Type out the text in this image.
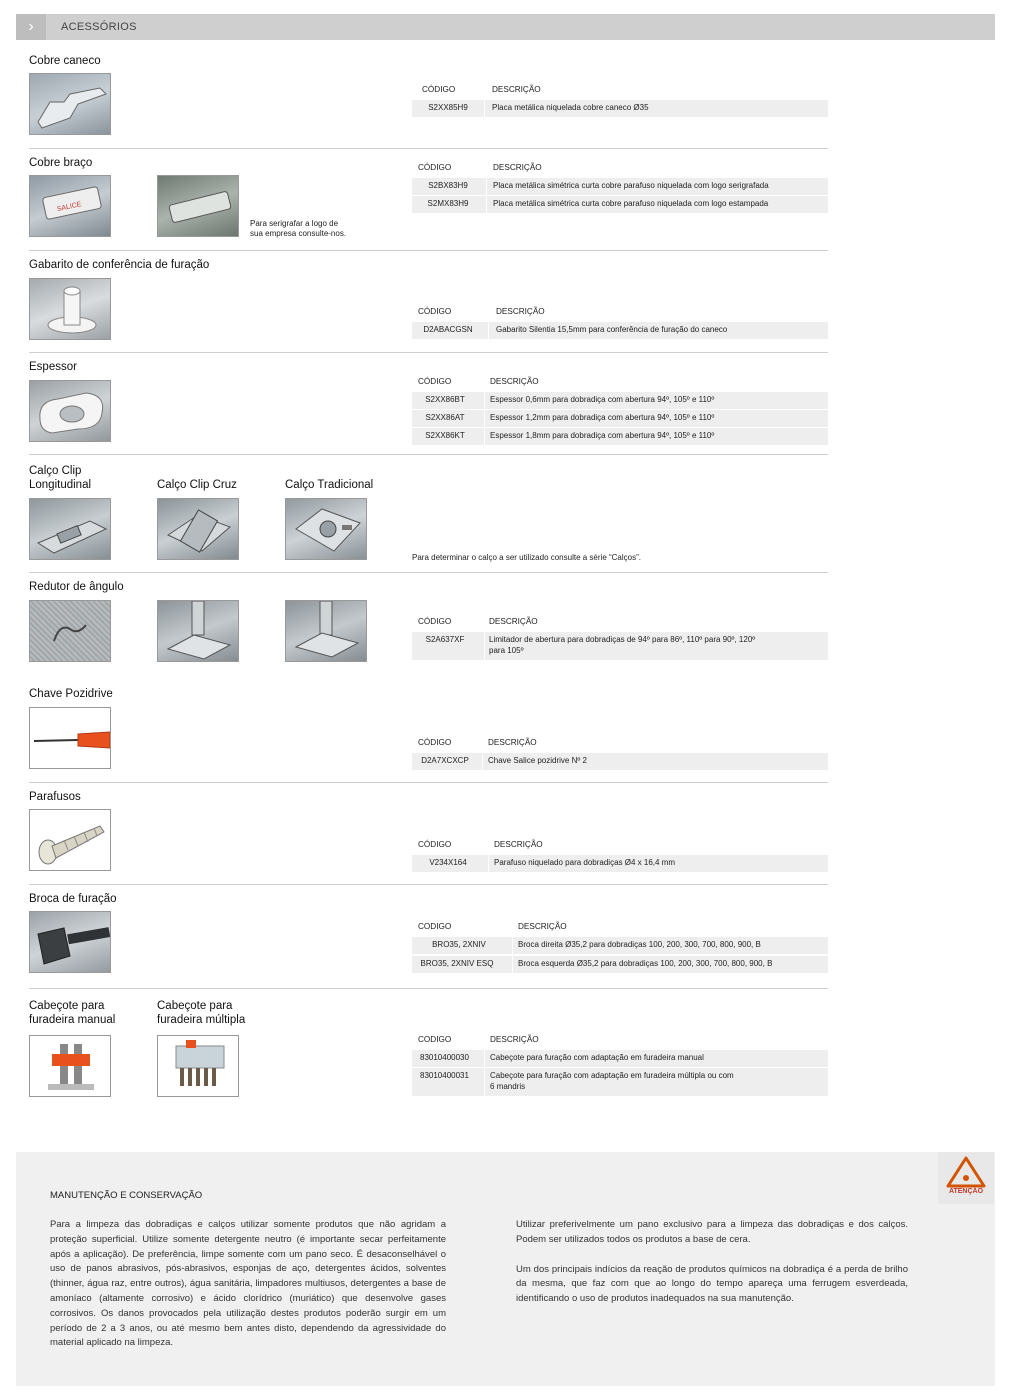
›	ACESSÓRIOS
Cobre caneco
CÓDIGO	DESCRIÇÃO
S2XX85H9	Placa metálica niquelada cobre caneco Ø35
Cobre braço
SALICE
Para serigrafar a logo de
sua empresa consulte-nos.
CÓDIGO	DESCRIÇÃO
S2BX83H9	Placa metálica simétrica curta cobre parafuso niquelada com logo serigrafada
S2MX83H9	Placa metálica simétrica curta cobre parafuso niquelada com logo estampada
Gabarito de conferência de furação
CÓDIGO	DESCRIÇÃO
D2ABACGSN	Gabarito Silentia 15,5mm para conferência de furação do caneco
Espessor
CÓDIGO	DESCRIÇÃO
S2XX86BT	Espessor 0,6mm para dobradiça com abertura 94º, 105º e 110º
S2XX86AT	Espessor 1,2mm para dobradiça com abertura 94º, 105º e 110º
S2XX86KT	Espessor 1,8mm para dobradiça com abertura 94º, 105º e 110º
Calço Clip
Longitudinal	Calço Clip Cruz	Calço Tradicional
Para determinar o calço a ser utilizado consulte a série “Calços”.
Redutor de ângulo
CÓDIGO	DESCRIÇÃO
S2A637XF	Limitador de abertura para dobradiças de 94º para 86º, 110º para 90º, 120º
para 105º
Chave Pozidrive
CÓDIGO	DESCRIÇÃO
D2A7XCXCP	Chave Salice pozidrive Nº 2
Parafusos
CÓDIGO	DESCRIÇÃO
V234X164	Parafuso niquelado para dobradiças Ø4 x 16,4 mm
Broca de furação
CODIGO	DESCRIÇÃO
BRO35, 2XNIV	Broca direita Ø35,2 para dobradiças 100, 200, 300, 700, 800, 900, B
BRO35, 2XNIV ESQ	Broca esquerda Ø35,2 para dobradiças 100, 200, 300, 700, 800, 900, B
Cabeçote para
furadeira manual
Cabeçote para
furadeira múltipla
CODIGO	DESCRIÇÃO
83010400030	Cabeçote para furação com adaptação em furadeira manual
83010400031	Cabeçote para furação com adaptação em furadeira múltipla ou com
6 mandris
MANUTENÇÃO E CONSERVAÇÃO
Para a limpeza das dobradiças e calços utilizar somente produtos que não agridam a proteção superficial. Utilize somente detergente neutro (é importante secar perfeitamente após a aplicação). De preferência, limpe somente com um pano seco. É desaconselhável o uso de panos abrasivos, pós-abrasivos, esponjas de aço, detergentes ácidos, solventes (thinner, água raz, entre outros), água sanitária, limpadores multiusos, detergentes a base de amoníaco (altamente corrosivo) e ácido clorídrico (muriático) que desenvolve gases corrosivos. Os danos provocados pela utilização destes produtos poderão surgir em um período de 2 a 3 anos, ou até mesmo bem antes disto, dependendo da agressividade do material aplicado na limpeza.
Utilizar preferivelmente um pano exclusivo para a limpeza das dobradiças e dos calços. Podem ser utilizados todos os produtos a base de cera.
Um dos principais indícios da reação de produtos químicos na dobradiça é a perda de brilho da mesma, que faz com que ao longo do tempo apareça uma ferrugem esverdeada, identificando o uso de produtos inadequados na sua manutenção.
ATENÇÃO
